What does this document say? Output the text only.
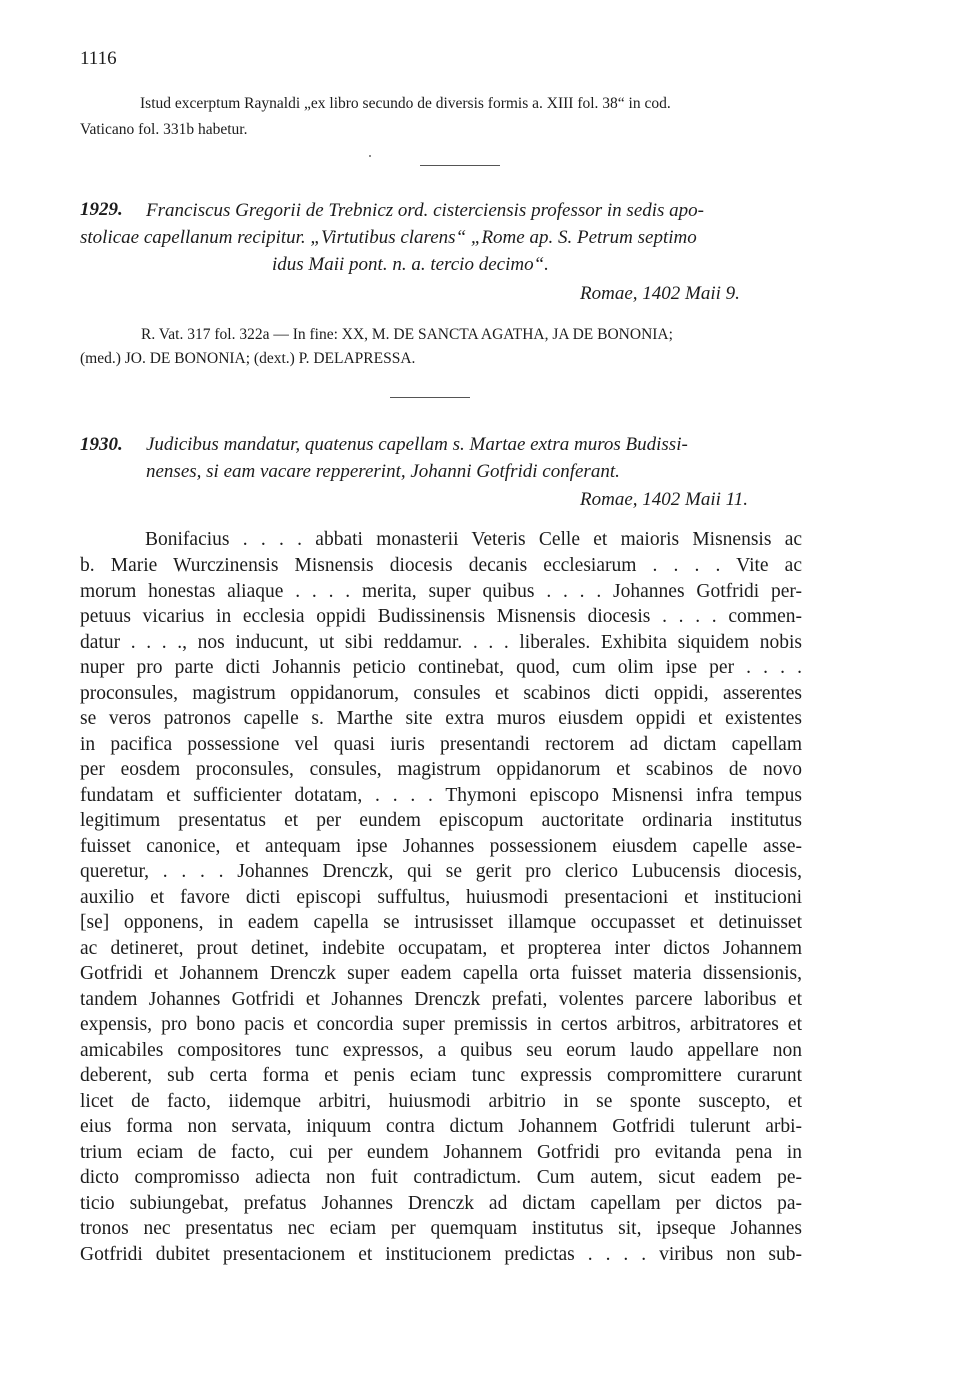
1116
Istud excerptum Raynaldi „ex libro secundo de diversis formis a. XIII fol. 38“ in cod.
Vaticano fol. 331b habetur.
1929. Franciscus Gregorii de Trebnicz ord. cisterciensis professor in sedis apo-
stolicae capellanum recipitur. „Virtutibus clarens“ „Rome ap. S. Petrum septimo
idus Maii pont. n. a. tercio decimo“.
Romae, 1402 Maii 9.
R. Vat. 317 fol. 322a — In fine: XX, M. DE SANCTA AGATHA, JA DE BONONIA;
(med.) JO. DE BONONIA; (dext.) P. DELAPRESSA.
1930. Judicibus mandatur, quatenus capellam s. Martae extra muros Budissi-
nenses, si eam vacare reppererint, Johanni Gotfridi conferant.
Romae, 1402 Maii 11.
Bonifacius . . . . abbati monasterii Veteris Celle et maioris Misnensis ac
b. Marie Wurczinensis Misnensis diocesis decanis ecclesiarum . . . . Vite ac
morum honestas aliaque . . . . merita, super quibus . . . . Johannes Gotfridi per-
petuus vicarius in ecclesia oppidi Budissinensis Misnensis diocesis . . . . commen-
datur . . . ., nos inducunt, ut sibi reddamur. . . . liberales. Exhibita siquidem nobis
nuper pro parte dicti Johannis peticio continebat, quod, cum olim ipse per . . . .
proconsules, magistrum oppidanorum, consules et scabinos dicti oppidi, asserentes
se veros patronos capelle s. Marthe site extra muros eiusdem oppidi et existentes
in pacifica possessione vel quasi iuris presentandi rectorem ad dictam capellam
per eosdem proconsules, consules, magistrum oppidanorum et scabinos de novo
fundatam et sufficienter dotatam, . . . . Thymoni episcopo Misnensi infra tempus
legitimum presentatus et per eundem episcopum auctoritate ordinaria institutus
fuisset canonice, et antequam ipse Johannes possessionem eiusdem capelle asse-
queretur, . . . . Johannes Drenczk, qui se gerit pro clerico Lubucensis diocesis,
auxilio et favore dicti episcopi suffultus, huiusmodi presentacioni et institucioni
[se] opponens, in eadem capella se intrusisset illamque occupasset et detinuisset
ac detineret, prout detinet, indebite occupatam, et propterea inter dictos Johannem
Gotfridi et Johannem Drenczk super eadem capella orta fuisset materia dissensionis,
tandem Johannes Gotfridi et Johannes Drenczk prefati, volentes parcere laboribus et
expensis, pro bono pacis et concordia super premissis in certos arbitros, arbitratores et
amicabiles compositores tunc expressos, a quibus seu eorum laudo appellare non
deberent, sub certa forma et penis eciam tunc expressis compromittere curarunt
licet de facto, iidemque arbitri, huiusmodi arbitrio in se sponte suscepto, et
eius forma non servata, iniquum contra dictum Johannem Gotfridi tulerunt arbi-
trium eciam de facto, cui per eundem Johannem Gotfridi pro evitanda pena in
dicto compromisso adiecta non fuit contradictum. Cum autem, sicut eadem pe-
ticio subiungebat, prefatus Johannes Drenczk ad dictam capellam per dictos pa-
tronos nec presentatus nec eciam per quemquam institutus sit, ipseque Johannes
Gotfridi dubitet presentacionem et institucionem predictas . . . . viribus non sub-
